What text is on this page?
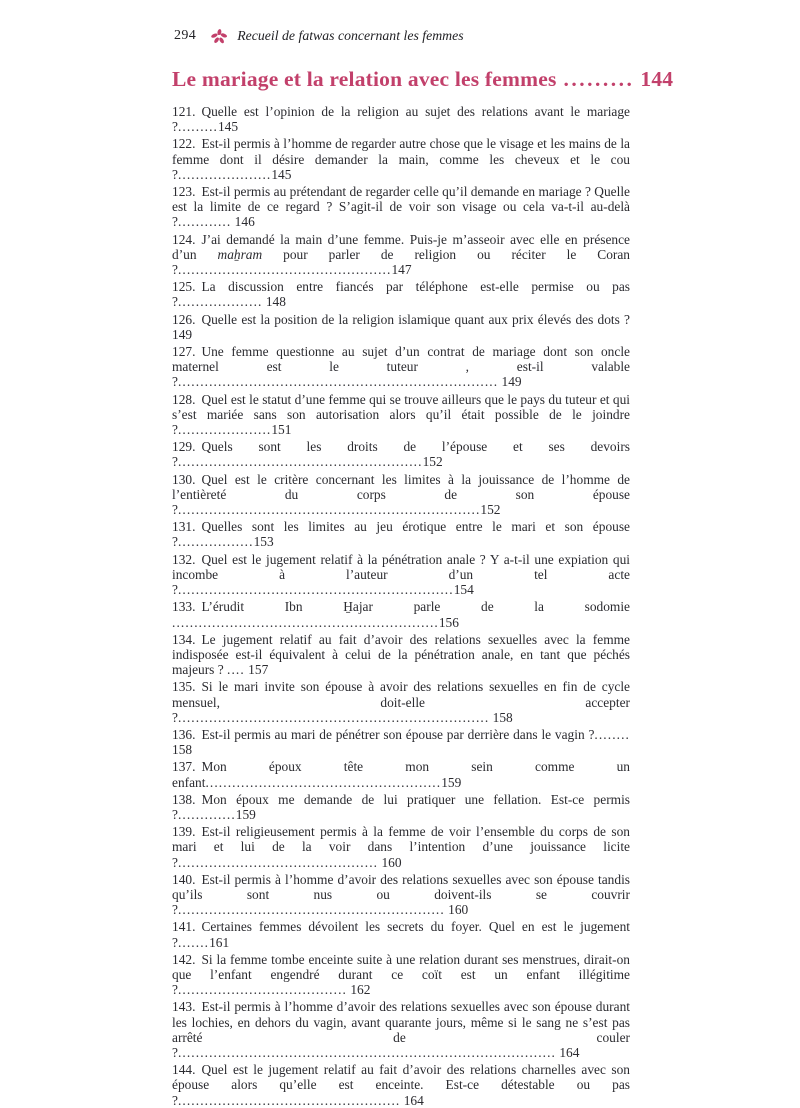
294	Recueil de fatwas concernant les femmes
Le mariage et la relation avec les femmes ......... 144

121. Quelle est l’opinion de la religion au sujet des relations avant le mariage ?.........145

122. Est-il permis à l’homme de regarder autre chose que le visage et les mains de la femme dont il désire demander la main, comme les cheveux et le cou ?.....................145

123. Est-il permis au prétendant de regarder celle qu’il demande en mariage ? Quelle est la limite de ce regard ? S’agit-il de voir son visage ou cela va-t-il au-delà ?............ 146

124. J’ai demandé la main d’une femme. Puis-je m’asseoir avec elle en présence d’un maẖram pour parler de religion ou réciter le Coran ?................................................147

125. La discussion entre fiancés par téléphone est-elle permise ou pas ?................... 148

126. Quelle est la position de la religion islamique quant aux prix élevés des dots ? 149

127. Une femme questionne au sujet d’un contrat de mariage dont son oncle maternel est le tuteur , est-il valable ?........................................................................ 149

128. Quel est le statut d’une femme qui se trouve ailleurs que le pays du tuteur et qui s’est mariée sans son autorisation alors qu’il était possible de le joindre ?.....................151

129. Quels sont les droits de l’épouse et ses devoirs ?.......................................................152

130. Quel est le critère concernant les limites à la jouissance de l’homme de l’entièreté du corps de son épouse ?....................................................................152

131. Quelles sont les limites au jeu érotique entre le mari et son épouse ?.................153

132. Quel est le jugement relatif à la pénétration anale ? Y a-t-il une expiation qui incombe à l’auteur d’un tel acte ?..............................................................154

133. L’érudit Ibn H̱ajar parle de la sodomie ............................................................156

134. Le jugement relatif au fait d’avoir des relations sexuelles avec la femme indisposée est-il équivalent à celui de la pénétration anale, en tant que péchés majeurs ? .... 157

135. Si le mari invite son épouse à avoir des relations sexuelles en fin de cycle mensuel, doit-elle accepter ?...................................................................... 158

136. Est-il permis au mari de pénétrer son épouse par derrière dans le vagin ?........ 158

137. Mon époux tête mon sein comme un enfant.....................................................159

138. Mon époux me demande de lui pratiquer une fellation. Est-ce permis ?.............159

139. Est-il religieusement permis à la femme de voir l’ensemble du corps de son mari et lui de la voir dans l’intention d’une jouissance licite ?............................................. 160

140. Est-il permis à l’homme d’avoir des relations sexuelles avec son épouse tandis qu’ils sont nus ou doivent-ils se couvrir ?............................................................ 160

141. Certaines femmes dévoilent les secrets du foyer. Quel en est le jugement ?.......161

142. Si la femme tombe enceinte suite à une relation durant ses menstrues, dirait-on que l’enfant engendré durant ce coït est un enfant illégitime ?...................................... 162

143. Est-il permis à l’homme d’avoir des relations sexuelles avec son épouse durant les lochies, en dehors du vagin, avant quarante jours, même si le sang ne s’est pas arrêté de couler ?..................................................................................... 164

144. Quel est le jugement relatif au fait d’avoir des relations charnelles avec son épouse alors qu’elle est enceinte. Est-ce détestable ou pas ?.................................................. 164
